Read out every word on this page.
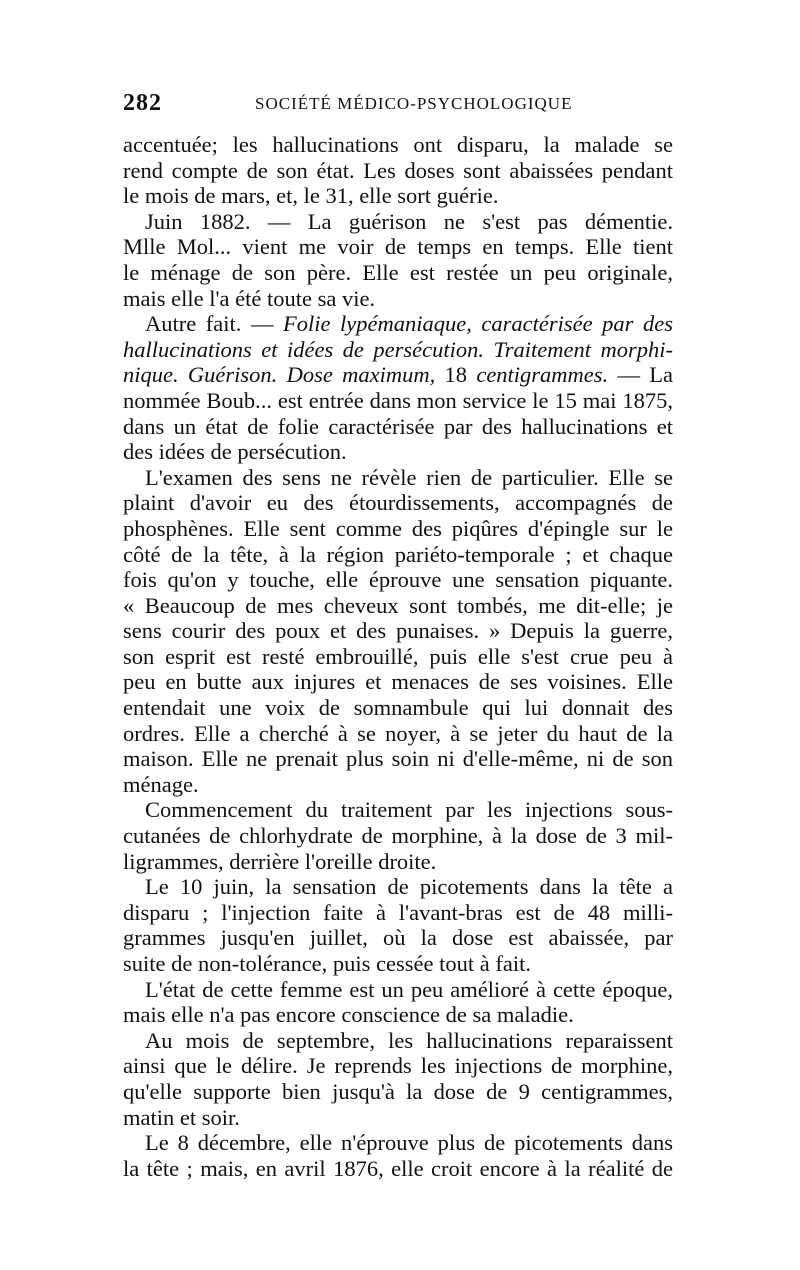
282	SOCIÉTÉ MÉDICO-PSYCHOLOGIQUE
accentuée; les hallucinations ont disparu, la malade se
rend compte de son état. Les doses sont abaissées pendant
le mois de mars, et, le 31, elle sort guérie.
Juin 1882. — La guérison ne s'est pas démentie.
Mlle Mol... vient me voir de temps en temps. Elle tient
le ménage de son père. Elle est restée un peu originale,
mais elle l'a été toute sa vie.
Autre fait. — Folie lypémaniaque, caractérisée par des
hallucinations et idées de persécution. Traitement morphi-
nique. Guérison. Dose maximum, 18 centigrammes. — La
nommée Boub... est entrée dans mon service le 15 mai 1875,
dans un état de folie caractérisée par des hallucinations et
des idées de persécution.
L'examen des sens ne révèle rien de particulier. Elle se
plaint d'avoir eu des étourdissements, accompagnés de
phosphènes. Elle sent comme des piqûres d'épingle sur le
côté de la tête, à la région pariéto-temporale ; et chaque
fois qu'on y touche, elle éprouve une sensation piquante.
« Beaucoup de mes cheveux sont tombés, me dit-elle; je
sens courir des poux et des punaises. » Depuis la guerre,
son esprit est resté embrouillé, puis elle s'est crue peu à
peu en butte aux injures et menaces de ses voisines. Elle
entendait une voix de somnambule qui lui donnait des
ordres. Elle a cherché à se noyer, à se jeter du haut de la
maison. Elle ne prenait plus soin ni d'elle-même, ni de son
ménage.
Commencement du traitement par les injections sous-
cutanées de chlorhydrate de morphine, à la dose de 3 mil-
ligrammes, derrière l'oreille droite.
Le 10 juin, la sensation de picotements dans la tête a
disparu ; l'injection faite à l'avant-bras est de 48 milli-
grammes jusqu'en juillet, où la dose est abaissée, par
suite de non-tolérance, puis cessée tout à fait.
L'état de cette femme est un peu amélioré à cette époque,
mais elle n'a pas encore conscience de sa maladie.
Au mois de septembre, les hallucinations reparaissent
ainsi que le délire. Je reprends les injections de morphine,
qu'elle supporte bien jusqu'à la dose de 9 centigrammes,
matin et soir.
Le 8 décembre, elle n'éprouve plus de picotements dans
la tête ; mais, en avril 1876, elle croit encore à la réalité de
